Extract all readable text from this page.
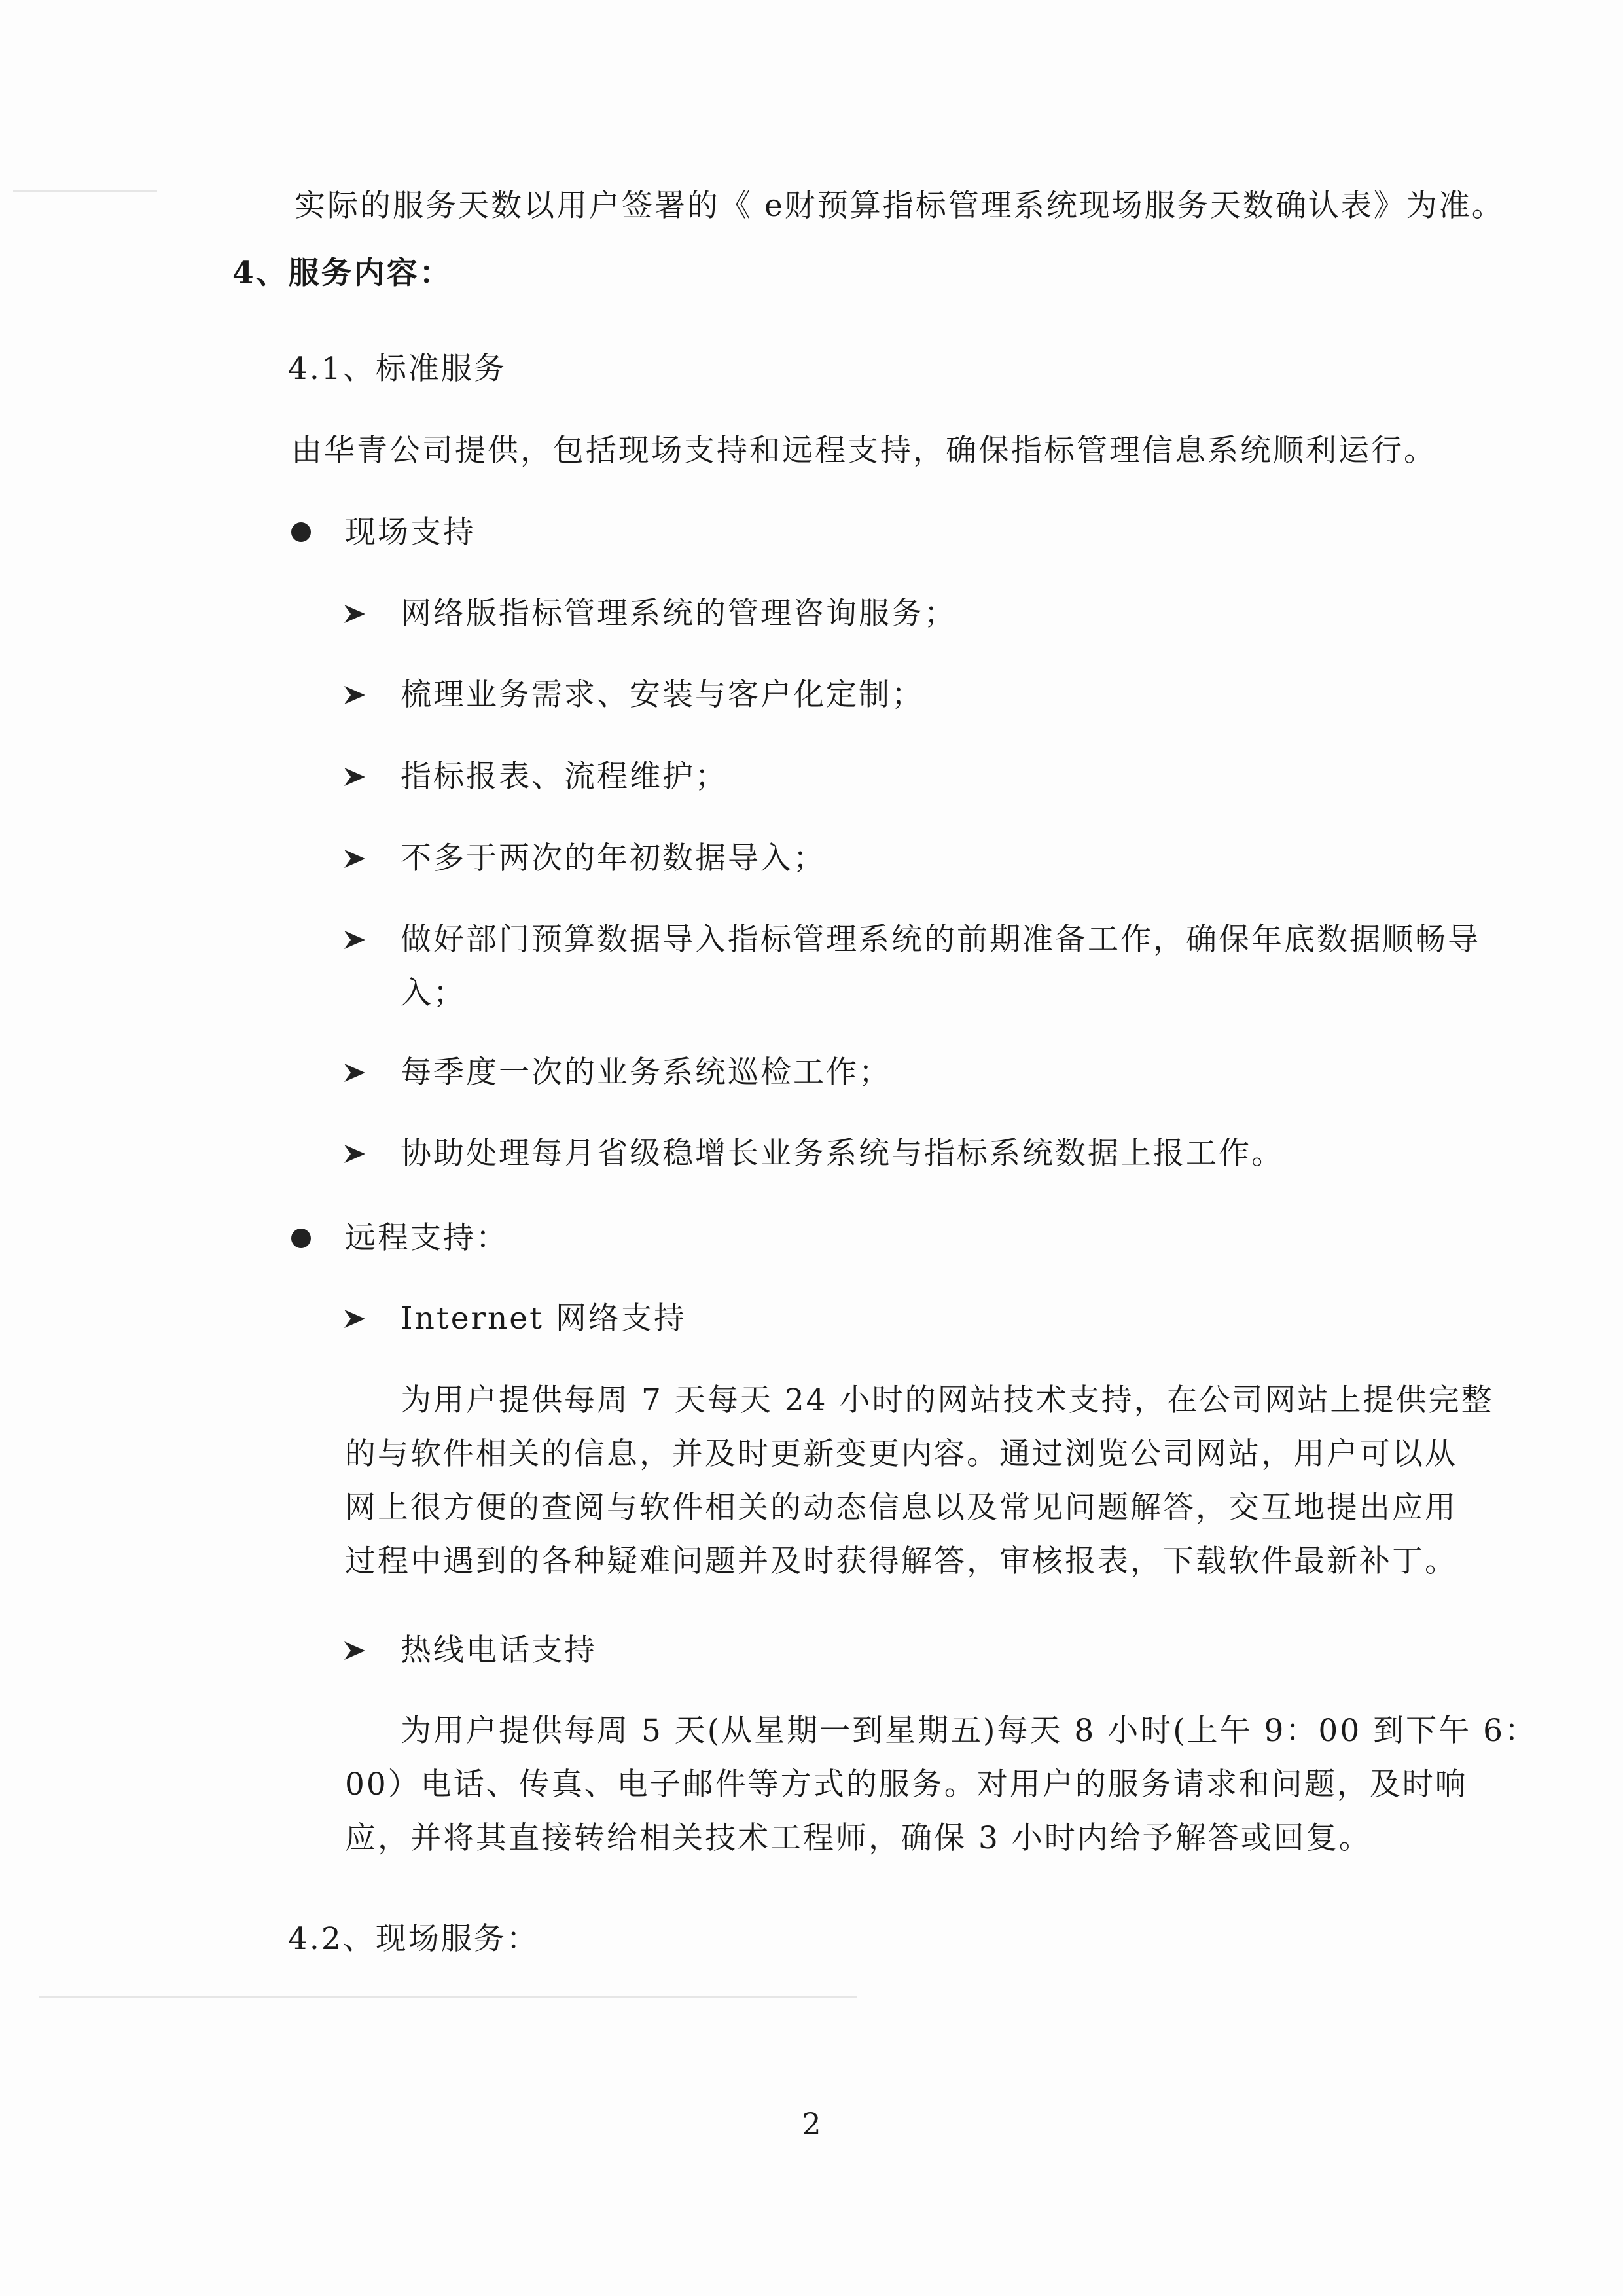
实际的服务天数以用户签署的《 e财预算指标管理系统现场服务天数确认表》为准。
4、服务内容：
4.1、标准服务
由华青公司提供，包括现场支持和远程支持，确保指标管理信息系统顺利运行。
现场支持
网络版指标管理系统的管理咨询服务；
梳理业务需求、安装与客户化定制；
指标报表、流程维护；
不多于两次的年初数据导入；
做好部门预算数据导入指标管理系统的前期准备工作，确保年底数据顺畅导
入；
每季度一次的业务系统巡检工作；
协助处理每月省级稳增长业务系统与指标系统数据上报工作。
远程支持：
Internet 网络支持
为用户提供每周 7 天每天 24 小时的网站技术支持，在公司网站上提供完整
的与软件相关的信息，并及时更新变更内容。通过浏览公司网站，用户可以从
网上很方便的查阅与软件相关的动态信息以及常见问题解答，交互地提出应用
过程中遇到的各种疑难问题并及时获得解答，审核报表，下载软件最新补丁。
热线电话支持
为用户提供每周 5 天(从星期一到星期五)每天 8 小时(上午 9：00 到下午 6：
00）电话、传真、电子邮件等方式的服务。对用户的服务请求和问题，及时响
应，并将其直接转给相关技术工程师，确保 3 小时内给予解答或回复。
4.2、现场服务：
2
